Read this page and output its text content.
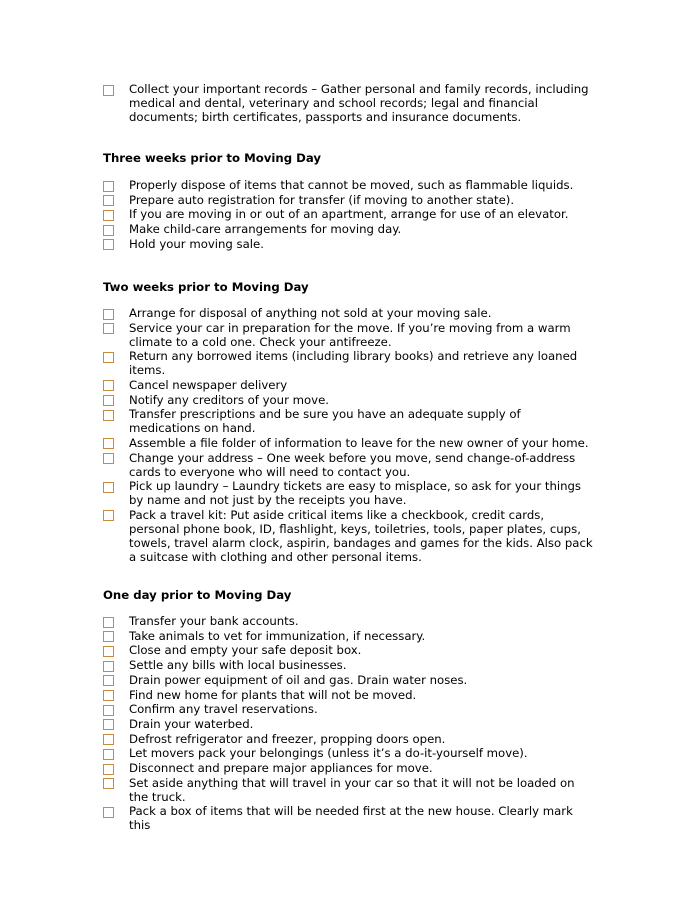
Collect your important records – Gather personal and family records, including medical and dental, veterinary and school records; legal and financial documents; birth certificates, passports and insurance documents.
Three weeks prior to Moving Day
Properly dispose of items that cannot be moved, such as flammable liquids.
Prepare auto registration for transfer (if moving to another state).
If you are moving in or out of an apartment, arrange for use of an elevator.
Make child-care arrangements for moving day.
Hold your moving sale.
Two weeks prior to Moving Day
Arrange for disposal of anything not sold at your moving sale.
Service your car in preparation for the move. If you’re moving from a warm climate to a cold one. Check your antifreeze.
Return any borrowed items (including library books) and retrieve any loaned items.
Cancel newspaper delivery
Notify any creditors of your move.
Transfer prescriptions and be sure you have an adequate supply of medications on hand.
Assemble a file folder of information to leave for the new owner of your home.
Change your address – One week before you move, send change-of-address cards to everyone who will need to contact you.
Pick up laundry – Laundry tickets are easy to misplace, so ask for your things by name and not just by the receipts you have.
Pack a travel kit: Put aside critical items like a checkbook, credit cards, personal phone book, ID, flashlight, keys, toiletries, tools, paper plates, cups, towels, travel alarm clock, aspirin, bandages and games for the kids. Also pack a suitcase with clothing and other personal items.
One day prior to Moving Day
Transfer your bank accounts.
Take animals to vet for immunization, if necessary.
Close and empty your safe deposit box.
Settle any bills with local businesses.
Drain power equipment of oil and gas. Drain water noses.
Find new home for plants that will not be moved.
Confirm any travel reservations.
Drain your waterbed.
Defrost refrigerator and freezer, propping doors open.
Let movers pack your belongings (unless it’s a do-it-yourself move).
Disconnect and prepare major appliances for move.
Set aside anything that will travel in your car so that it will not be loaded on the truck.
Pack a box of items that will be needed first at the new house. Clearly mark this
